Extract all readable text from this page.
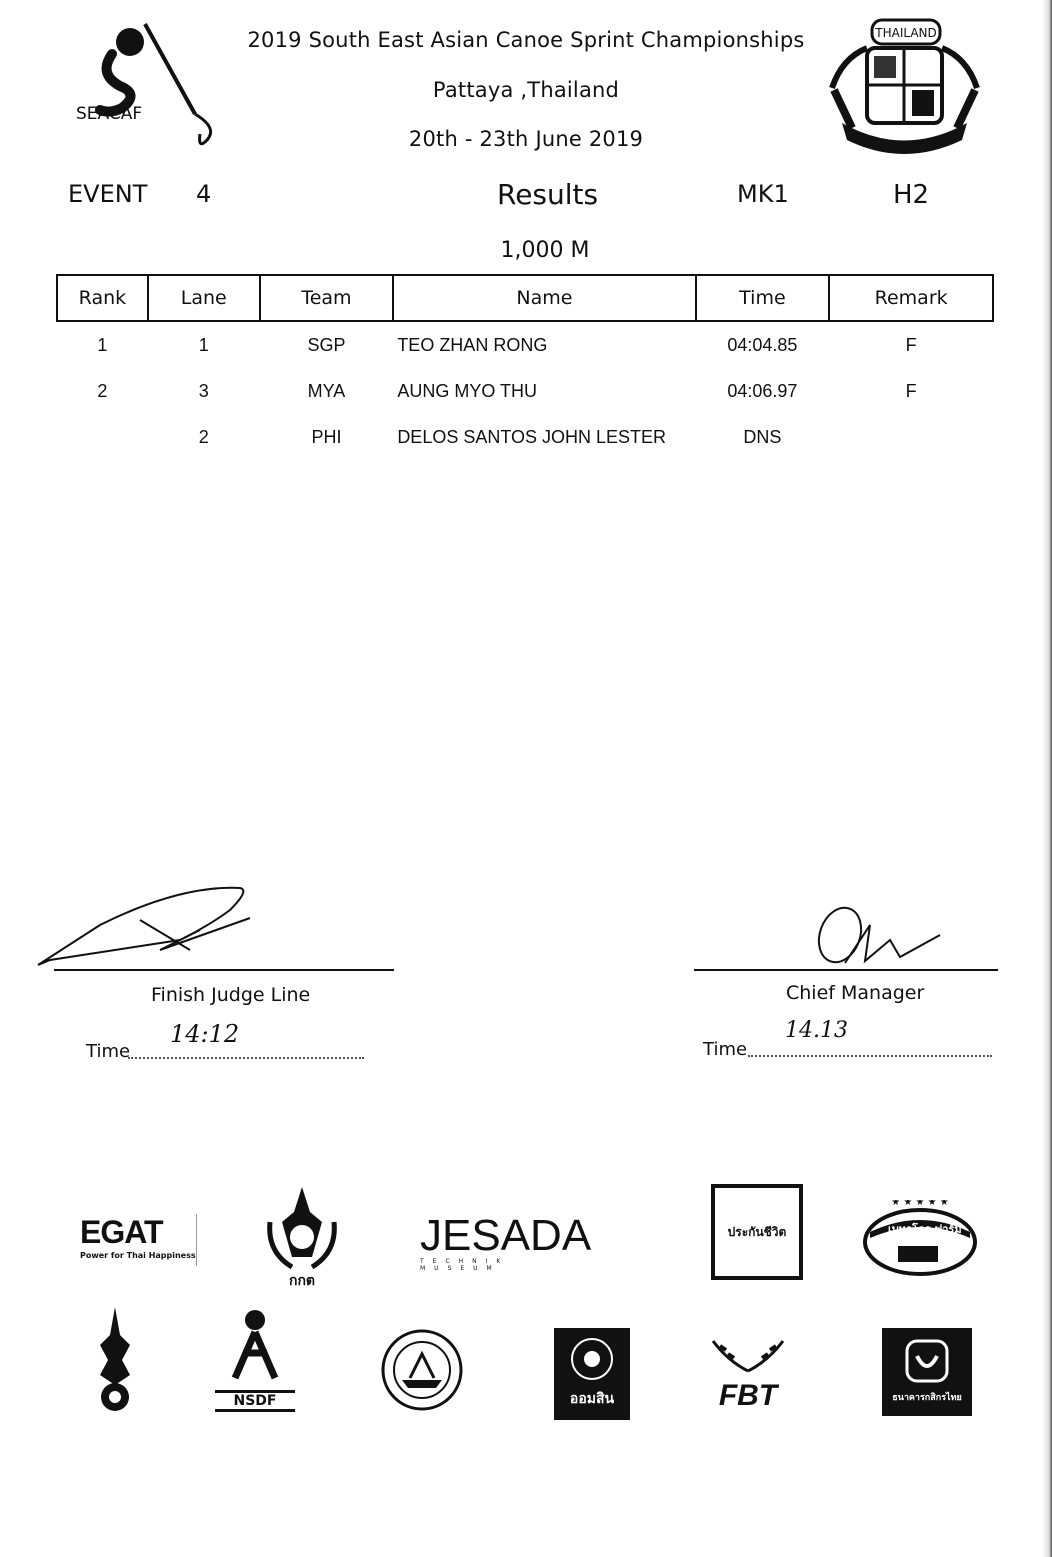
SEACAF
2019 South East Asian Canoe Sprint Championships
Pattaya ,Thailand
20th - 23th June 2019
THAILAND
EVENT 4	Results	MK1	H2
1,000 M
Rank	Lane	Team	Name	Time	Remark
1	1	SGP	TEO ZHAN RONG	04:04.85	F
2	3	MYA	AUNG MYO THU	04:06.97	F
	2	PHI	DELOS SANTOS JOHN LESTER	DNS	
Finish Judge Line
Time
14:12
Chief Manager
Time
14.13
EGAT
Power for Thai Happiness
กกต
JESADA
TECHNIK MUSEUM
ประกันชีวิต
★ ★ ★ ★ ★
เบทาโกร ฟาร์ม
NSDF	ออมสิน	FBT	ธนาคารกสิกรไทย
